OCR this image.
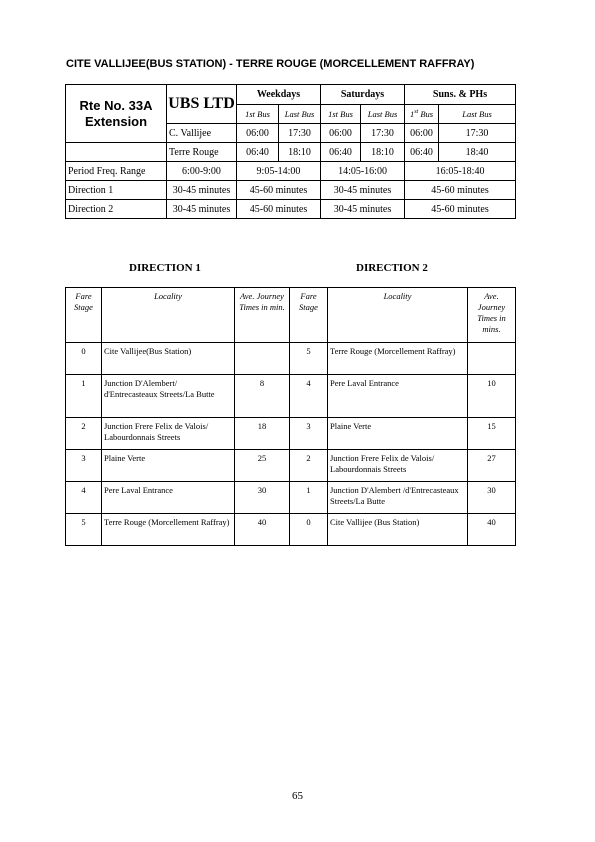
CITE VALLIJEE(BUS STATION) - TERRE ROUGE (MORCELLEMENT RAFFRAY)
Rte No. 33A
Extension	UBS LTD	Weekdays		Saturdays		Suns. & PHs	
		1st Bus	Last Bus	1st Bus	Last Bus	1st Bus	Last Bus
	C. Vallijee	06:00	17:30	06:00	17:30	06:00	17:30
	Terre Rouge	06:40	18:10	06:40	18:10	06:40	18:40
Period Freq. Range	6:00-9:00	9:05-14:00		14:05-16:00		16:05-18:40	
Direction 1	30-45 minutes	45-60 minutes		30-45 minutes		45-60 minutes	
Direction 2	30-45 minutes	45-60 minutes		30-45 minutes		45-60 minutes	
DIRECTION 1	DIRECTION 2
Fare Stage	Locality	Ave. Journey Times in min.	Fare Stage	Locality	Ave. Journey Times in mins.
0	Cite Vallijee(Bus Station)		5	Terre Rouge (Morcellement Raffray)	
1	Junction D'Alembert/ d'Entrecasteaux Streets/La Butte	8	4	Pere Laval Entrance	10
2	Junction Frere Felix de Valois/ Labourdonnais Streets	18	3	Plaine Verte	15
3	Plaine Verte	25	2	Junction Frere Felix de Valois/ Labourdonnais Streets	27
4	Pere Laval Entrance	30	1	Junction D'Alembert /d'Entrecasteaux Streets/La Butte	30
5	Terre Rouge (Morcellement Raffray)	40	0	Cite Vallijee (Bus Station)	40
65
